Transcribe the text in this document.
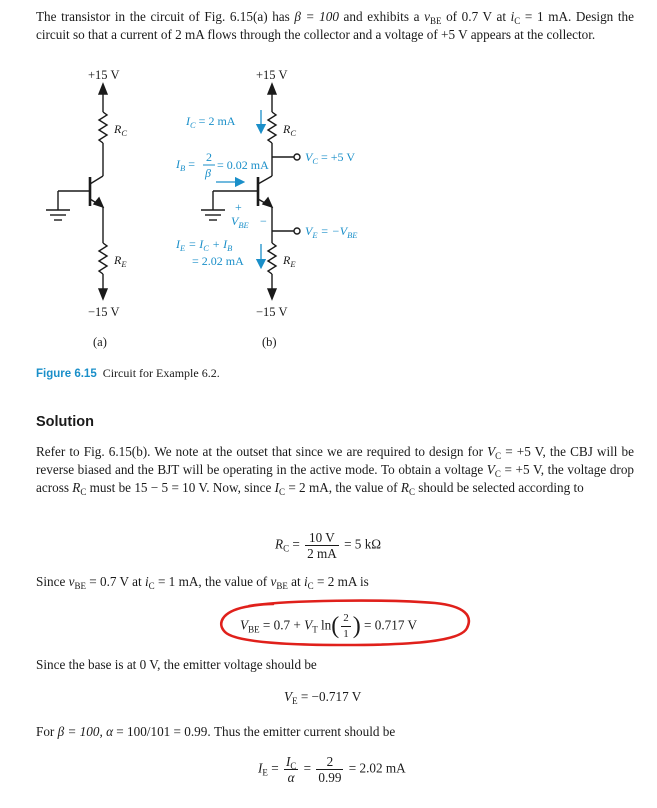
The transistor in the circuit of Fig. 6.15(a) has β = 100 and exhibits a $v_{BE}$ of 0.7 V at $i_C = 1$ mA. Design the circuit so that a current of 2 mA flows through the collector and a voltage of +5 V appears at the collector.
+15 V
$R_C$
$R_E$
−15 V
(a)
+15 V
$R_C$
$R_E$
−15 V
(b)
$I_C = 2$ mA
$V_C = +5$ V
$I_B = 2$
β
= 0.02 mA
+
$V_{BE}$ −
$V_E = -V_{BE}$
$I_E = I_C + I_B$
= 2.02 mA
Figure 6.15 Circuit for Example 6.2.
Solution
Refer to Fig. 6.15(b). We note at the outset that since we are required to design for $V_C = +5$ V, the CBJ will be reverse biased and the BJT will be operating in the active mode. To obtain a voltage $V_C = +5$ V, the voltage drop across $R_C$ must be 15 − 5 = 10 V. Now, since $I_C = 2$ mA, the value of $R_C$ should be selected according to
$R_C = \frac{10 V}{2 mA} = 5$ kΩ
Since $v_{BE} = 0.7$ V at $i_C = 1$ mA, the value of $v_{BE}$ at $i_C = 2$ mA is
$V_{BE} = 0.7 + V_T$ $\ln( \frac{2}{1}$ ) = 0.717 V
Since the base is at 0 V, the emitter voltage should be
$V_E = -0.717$ V
For β = 100, α = 100/101 = 0.99. Thus the emitter current should be
$I_E = \frac{I_C}{\alpha} = \frac{2}{0.99} = 2.02$ mA
